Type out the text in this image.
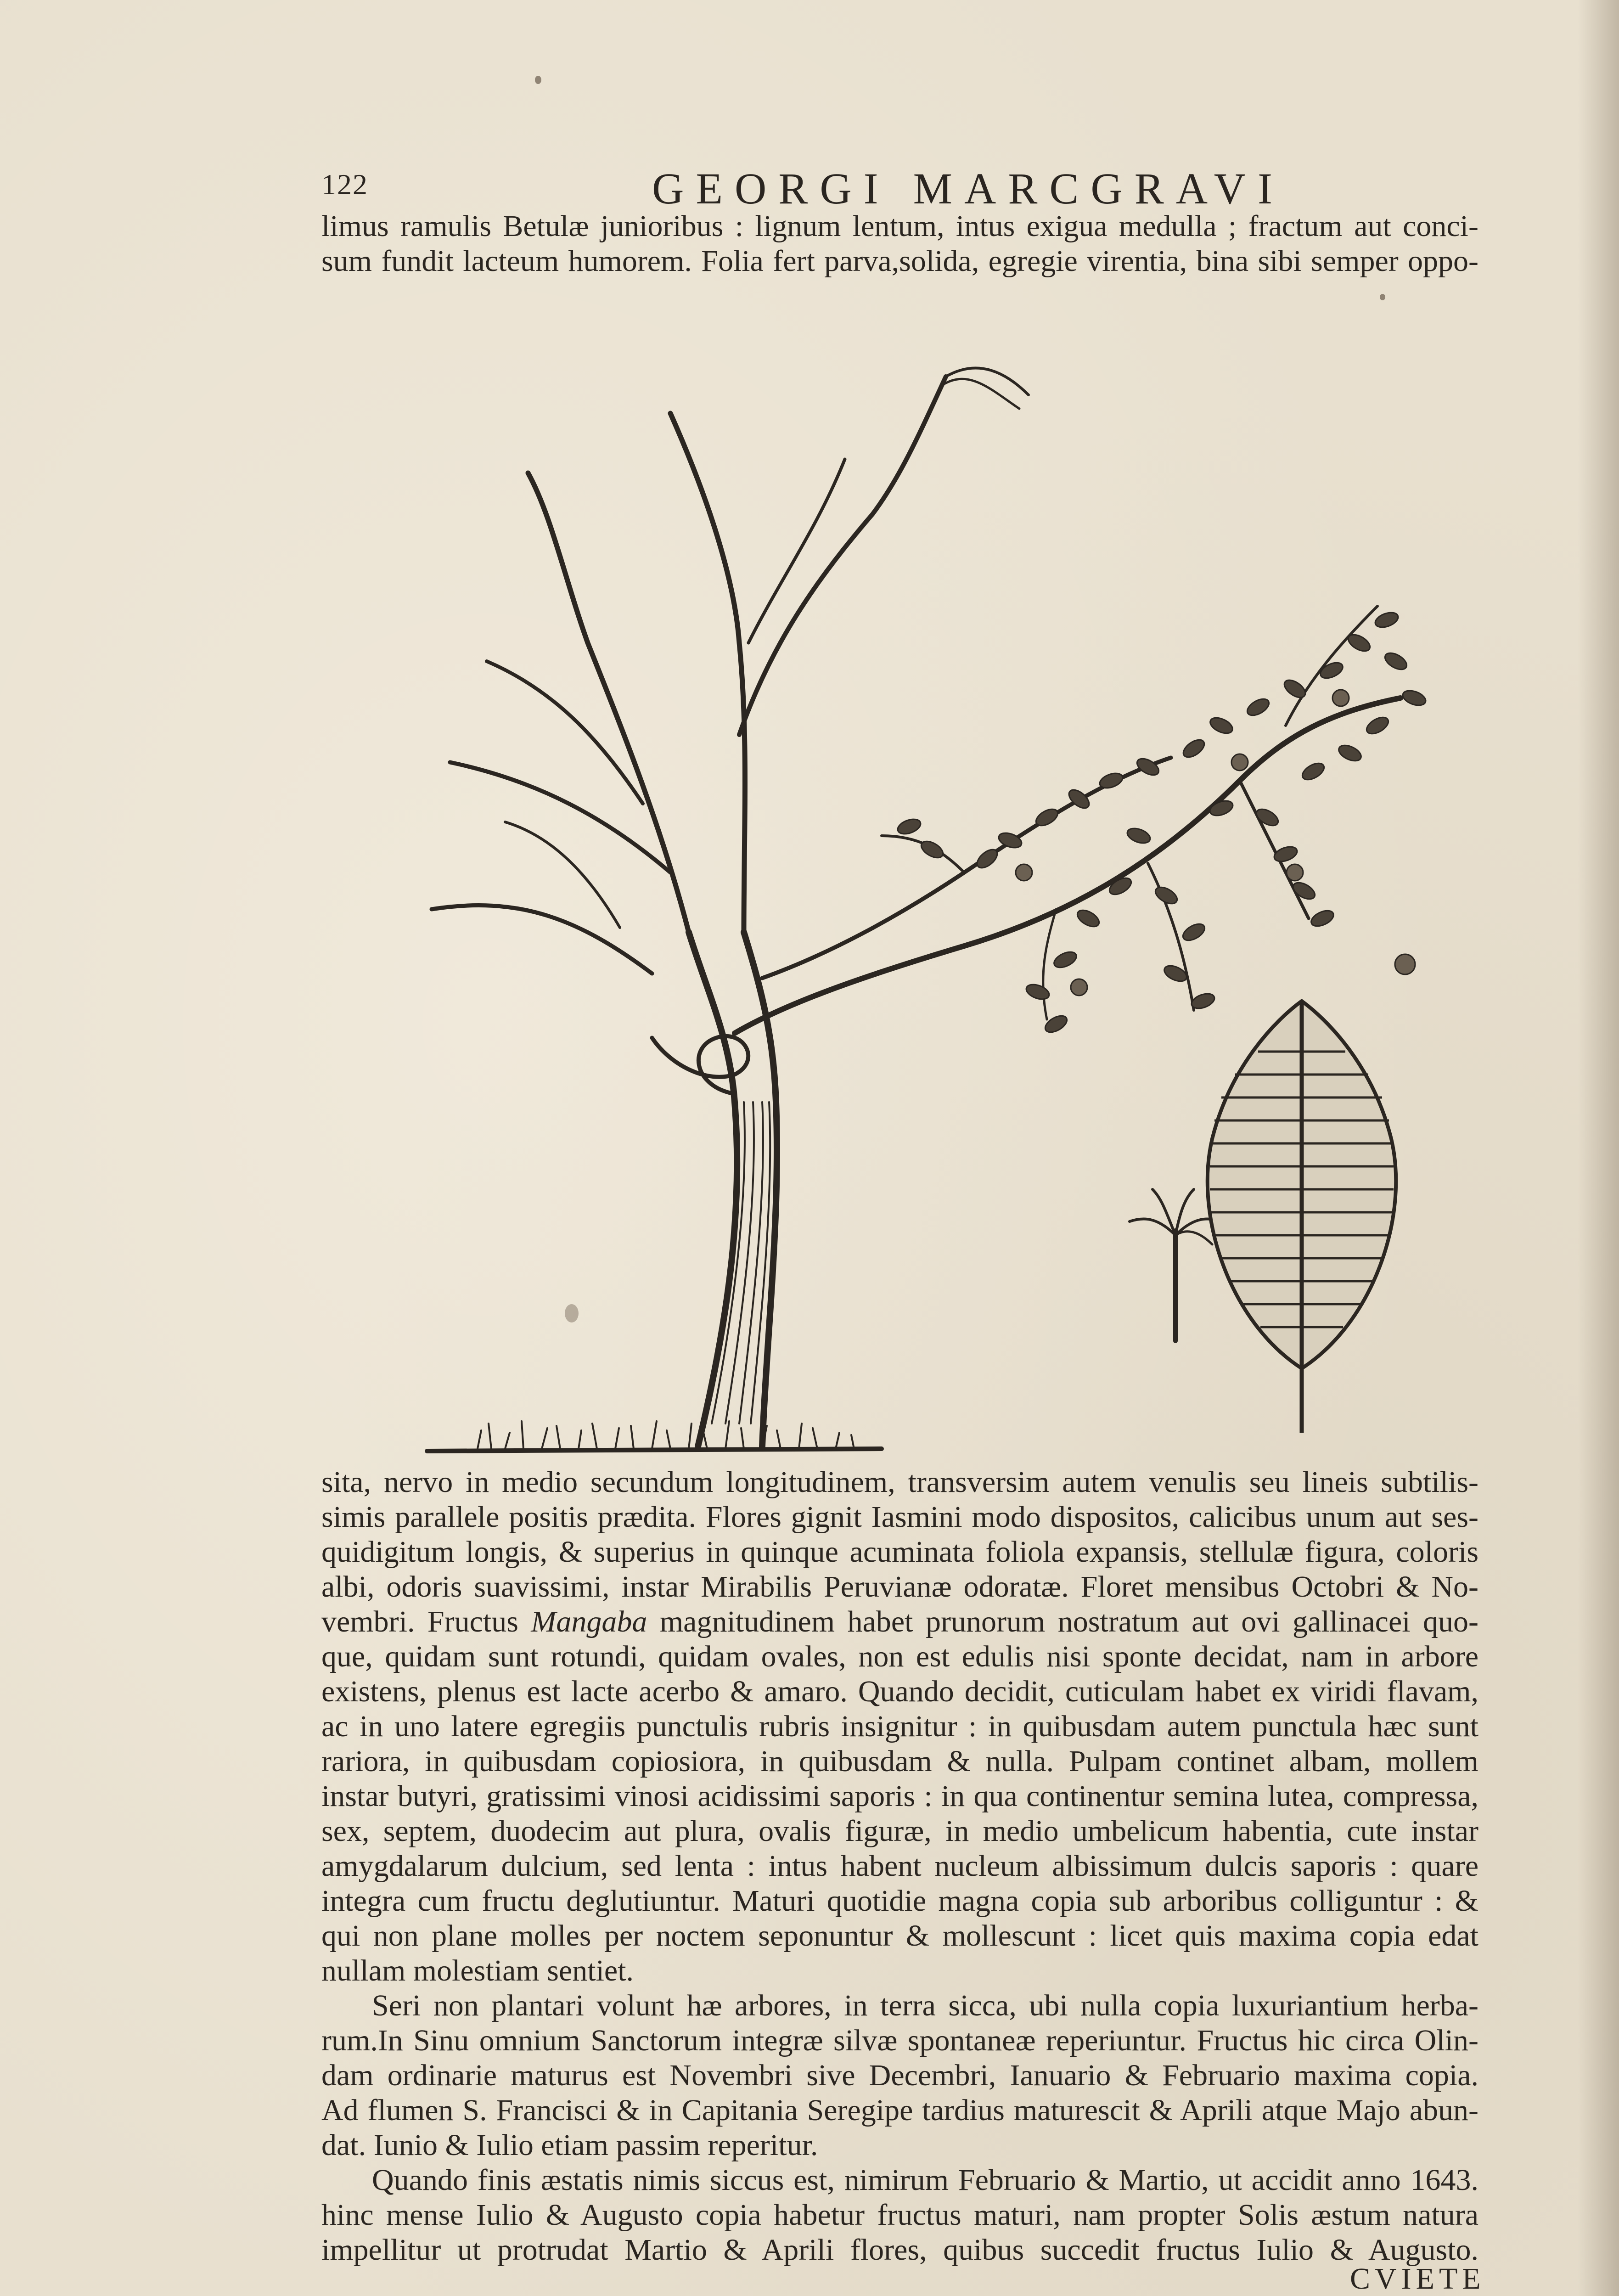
122	GEORGI MARCGRAVI
limus ramulis Betulæ junioribus : lignum lentum, intus exigua medulla ; fractum aut conci-
sum fundit lacteum humorem. Folia fert parva,solida, egregie virentia, bina sibi semper oppo-

sita, nervo in medio secundum longitudinem, transversim autem venulis seu lineis subtilis-
simis parallele positis prædita. Flores gignit Iasmini modo dispositos, calicibus unum aut ses-
quidigitum longis, & superius in quinque acuminata foliola expansis, stellulæ figura, coloris
albi, odoris suavissimi, instar Mirabilis Peruvianæ odoratæ. Floret mensibus Octobri & No-
vembri. Fructus Mangaba magnitudinem habet prunorum nostratum aut ovi gallinacei quo-
que, quidam sunt rotundi, quidam ovales, non est edulis nisi sponte decidat, nam in arbore
existens, plenus est lacte acerbo & amaro. Quando decidit, cuticulam habet ex viridi flavam,
ac in uno latere egregiis punctulis rubris insignitur : in quibusdam autem punctula hæc sunt
rariora, in quibusdam copiosiora, in quibusdam & nulla. Pulpam continet albam, mollem
instar butyri, gratissimi vinosi acidissimi saporis : in qua continentur semina lutea, compressa,
sex, septem, duodecim aut plura, ovalis figuræ, in medio umbelicum habentia, cute instar
amygdalarum dulcium, sed lenta : intus habent nucleum albissimum dulcis saporis : quare
integra cum fructu deglutiuntur. Maturi quotidie magna copia sub arboribus colliguntur : &
qui non plane molles per noctem seponuntur & mollescunt : licet quis maxima copia edat
nullam molestiam sentiet.

Seri non plantari volunt hæ arbores, in terra sicca, ubi nulla copia luxuriantium herba-
rum.In Sinu omnium Sanctorum integræ silvæ spontaneæ reperiuntur. Fructus hic circa Olin-
dam ordinarie maturus est Novembri sive Decembri, Ianuario & Februario maxima copia.
Ad flumen S. Francisci & in Capitania Seregipe tardius maturescit & Aprili atque Majo abun-
dat. Iunio & Iulio etiam passim reperitur.

Quando finis æstatis nimis siccus est, nimirum Februario & Martio, ut accidit anno 1643.
hinc mense Iulio & Augusto copia habetur fructus maturi, nam propter Solis æstum natura
impellitur ut protrudat Martio & Aprili flores, quibus succedit fructus Iulio & Augusto.

CVIETE
